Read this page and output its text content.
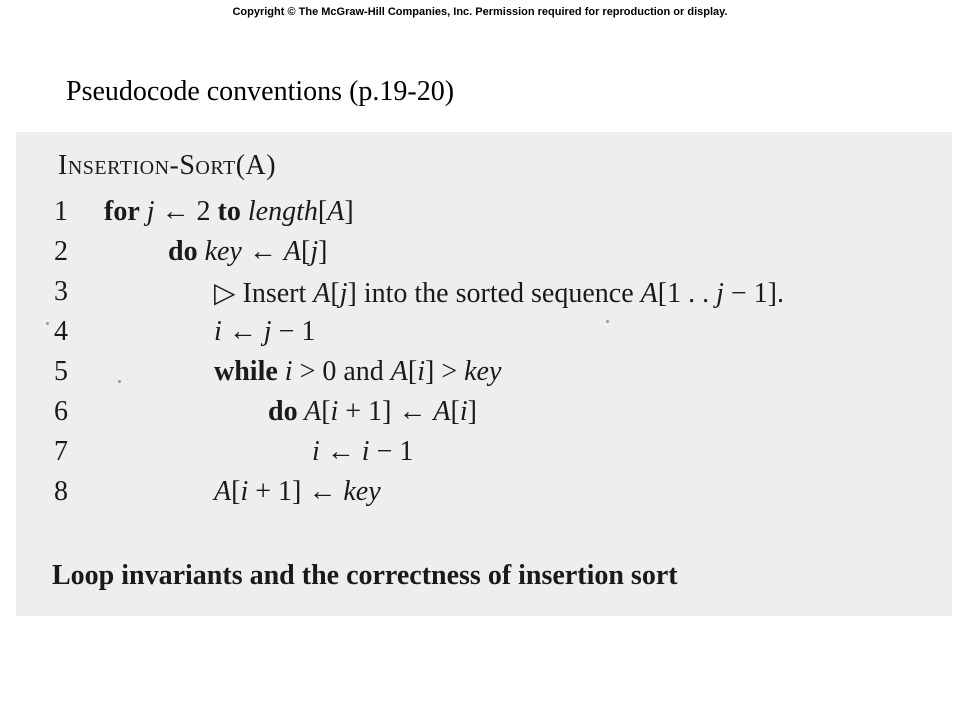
Copyright © The McGraw-Hill Companies, Inc. Permission required for reproduction or display.
Pseudocode conventions (p.19-20)
Insertion-Sort(A)
1 for j ← 2 to length[A]
2	do key ← A[j]
3	▷ Insert A[j] into the sorted sequence A[1 . . j − 1].
4	i ← j − 1
5	while i > 0 and A[i] > key
6	do A[i + 1] ← A[i]
7	i ← i − 1
8	A[i + 1] ← key
Loop invariants and the correctness of insertion sort
